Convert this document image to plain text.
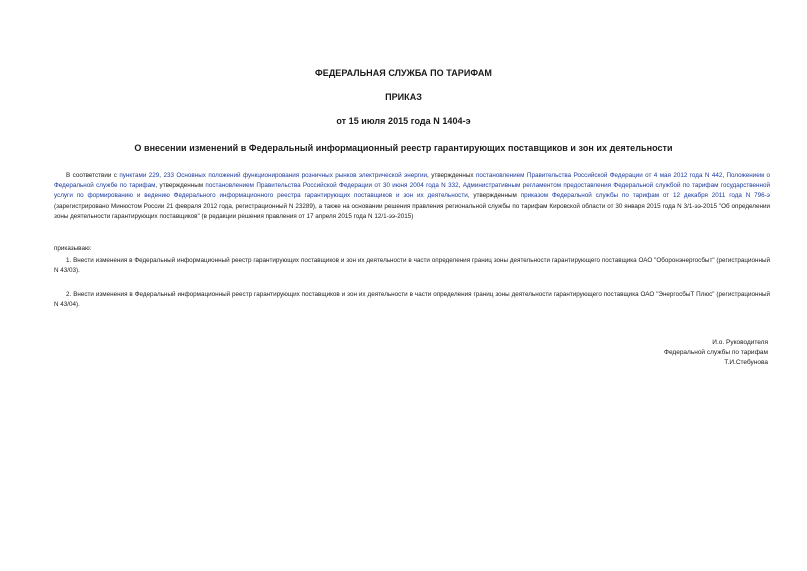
ФЕДЕРАЛЬНАЯ СЛУЖБА ПО ТАРИФАМ
ПРИКАЗ
от 15 июля 2015 года N 1404-э
О внесении изменений в Федеральный информационный реестр гарантирующих поставщиков и зон их деятельности

В соответствии с пунктами 229, 233 Основных положений функционирования розничных рынков электрической энергии, утвержденных постановлением Правительства Российской Федерации от 4 мая 2012 года N 442, Положением о Федеральной службе по тарифам, утвержденным постановлением Правительства Российской Федерации от 30 июня 2004 года N 332, Административным регламентом предоставления Федеральной службой по тарифам государственной услуги по формированию и ведению Федерального информационного реестра гарантирующих поставщиков и зон их деятельности, утвержденным приказом Федеральной службы по тарифам от 12 декабря 2011 года N 796-э (зарегистрировано Минюстом России 21 февраля 2012 года, регистрационный N 23289), а также на основании решения правления региональной службы по тарифам Кировской области от 30 января 2015 года N 3/1-ээ-2015 "Об определении зоны деятельности гарантирующих поставщиков" (в редакции решения правления от 17 апреля 2015 года N 12/1-ээ-2015)

приказываю:

1. Внести изменения в Федеральный информационный реестр гарантирующих поставщиков и зон их деятельности в части определения границ зоны деятельности гарантирующего поставщика ОАО "Оборонэнергосбыт" (регистрационный N 43/03).

2. Внести изменения в Федеральный информационный реестр гарантирующих поставщиков и зон их деятельности в части определения границ зоны деятельности гарантирующего поставщика ОАО "ЭнергосбыТ Плюс" (регистрационный N 43/04).

И.о. Руководителя
Федеральной службы по тарифам
Т.И.Стебунова
